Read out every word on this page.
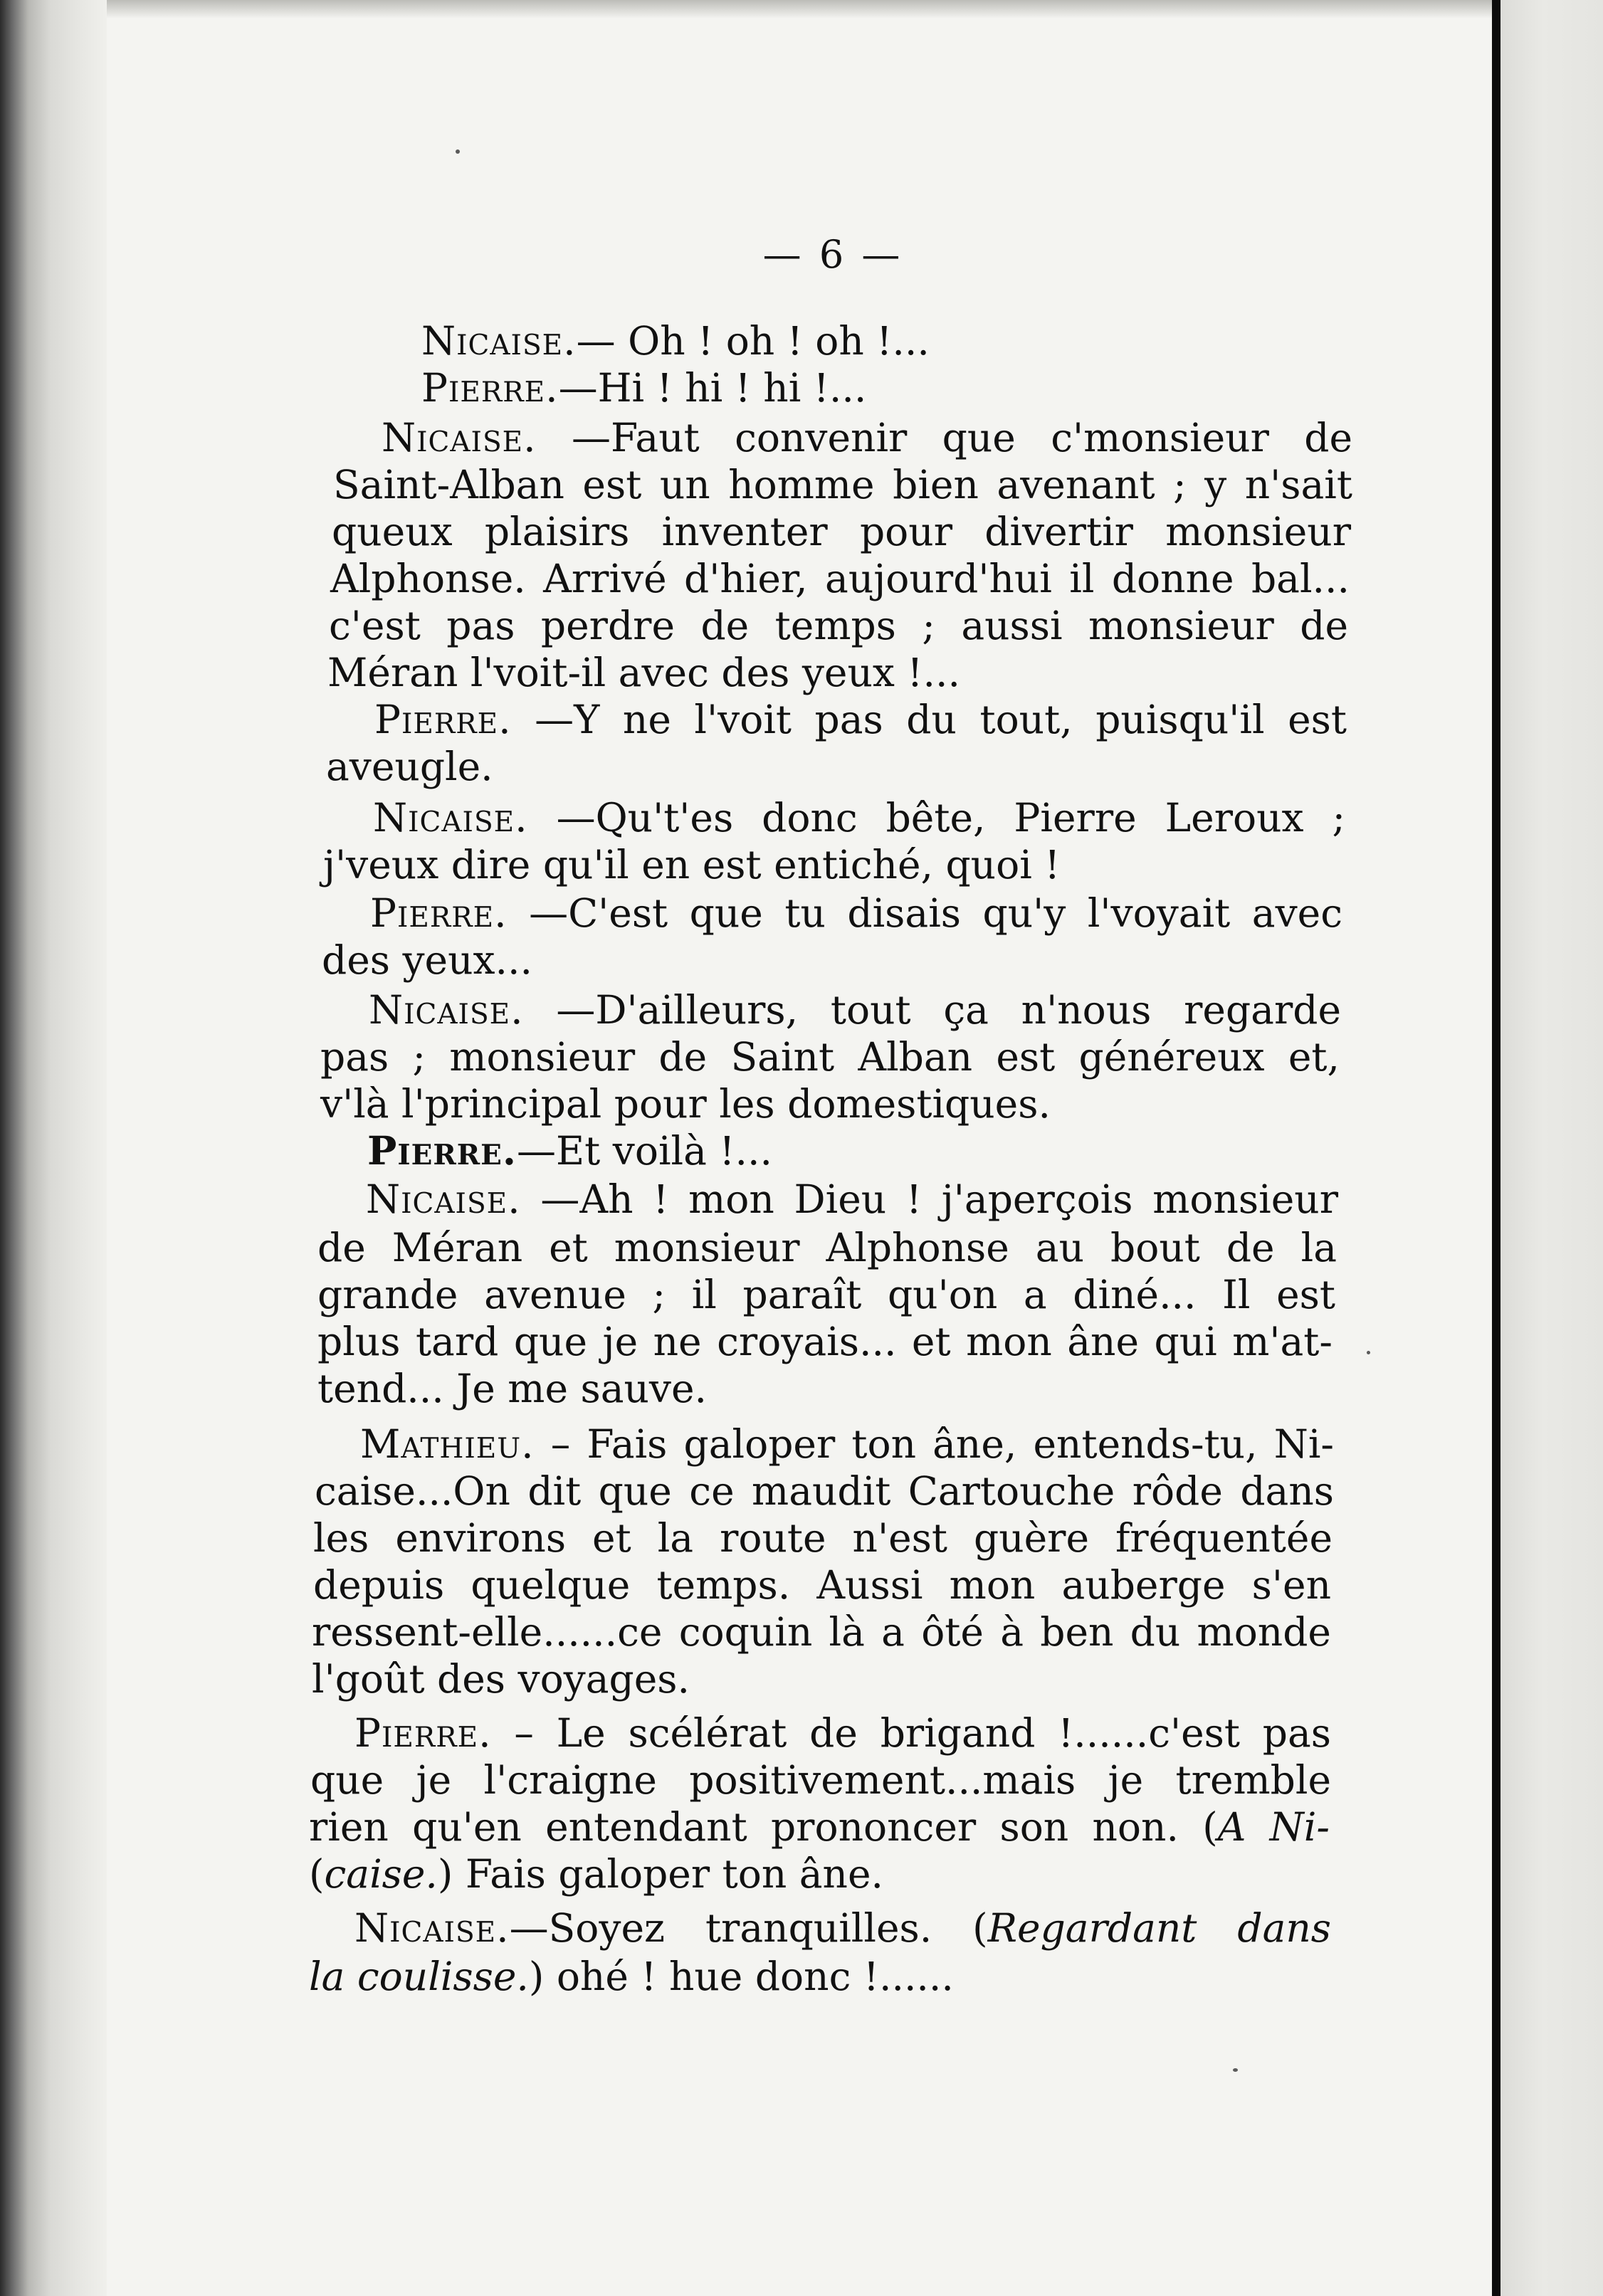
— 6 —
Nicaise.— Oh ! oh ! oh !...
Pierre.—Hi ! hi ! hi !...
Nicaise. —Faut convenir que c'monsieur de
Saint-Alban est un homme bien avenant ; y n'sait
queux plaisirs inventer pour divertir monsieur
Alphonse. Arrivé d'hier, aujourd'hui il donne bal...
c'est pas perdre de temps ; aussi monsieur de
Méran l'voit-il avec des yeux !...
Pierre. —Y ne l'voit pas du tout, puisqu'il est
aveugle.
Nicaise. —Qu't'es donc bête, Pierre Leroux ;
j'veux dire qu'il en est entiché, quoi !
Pierre. —C'est que tu disais qu'y l'voyait avec
des yeux...
Nicaise. —D'ailleurs, tout ça n'nous regarde
pas ; monsieur de Saint Alban est généreux et,
v'là l'principal pour les domestiques.
Pierre.—Et voilà !...
Nicaise. —Ah ! mon Dieu ! j'aperçois monsieur
de Méran et monsieur Alphonse au bout de la
grande avenue ; il paraît qu'on a diné... Il est
plus tard que je ne croyais... et mon âne qui m'at-
tend... Je me sauve.
Mathieu. – Fais galoper ton âne, entends-tu, Ni-
caise...On dit que ce maudit Cartouche rôde dans
les environs et la route n'est guère fréquentée
depuis quelque temps. Aussi mon auberge s'en
ressent-elle......ce coquin là a ôté à ben du monde
l'goût des voyages.
Pierre. – Le scélérat de brigand !......c'est pas
que je l'craigne positivement...mais je tremble
rien qu'en entendant prononcer son non. (A Ni-
(caise.) Fais galoper ton âne.
Nicaise.—Soyez tranquilles. (Regardant dans
la coulisse.) ohé ! hue donc !......
